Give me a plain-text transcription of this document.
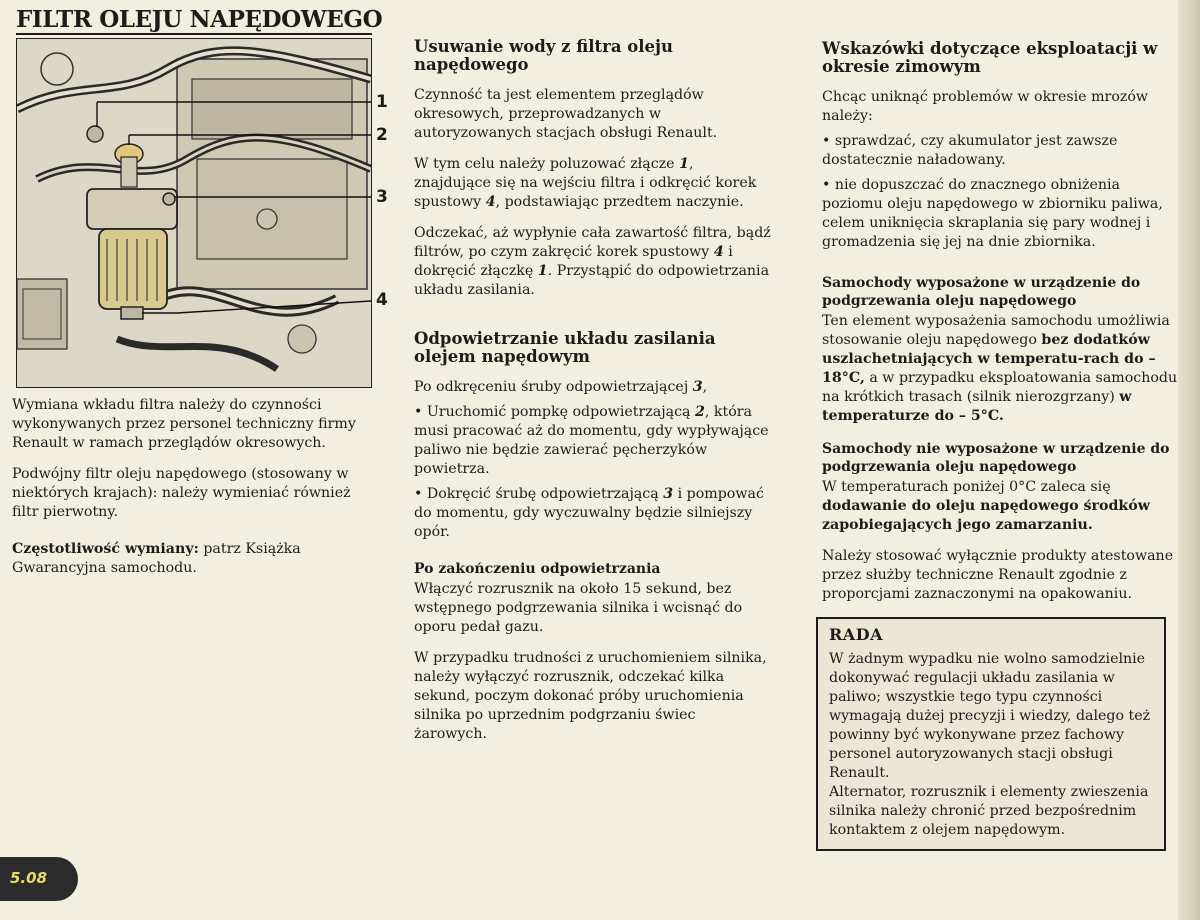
FILTR OLEJU NAPĘDOWEGO
1
2
3
4

Wymiana wkładu filtra należy do czynności wykonywanych przez personel techniczny firmy Renault w ramach przeglądów okresowych.

Podwójny filtr oleju napędowego (stosowany w niektórych krajach): należy wymieniać również filtr pierwotny.

Częstotliwość wymiany: patrz Książka Gwarancyjna samochodu.

Usuwanie wody z filtra oleju napędowego

Czynność ta jest elementem przeglądów okresowych, przeprowadzanych w autoryzowanych stacjach obsługi Renault.

W tym celu należy poluzować złącze 1, znajdujące się na wejściu filtra i odkręcić korek spustowy 4, podstawiając przedtem naczynie.

Odczekać, aż wypłynie cała zawartość filtra, bądź filtrów, po czym zakręcić korek spustowy 4 i dokręcić złączkę 1. Przystąpić do odpowietrzania układu zasilania.

Odpowietrzanie układu zasilania olejem napędowym

Po odkręceniu śruby odpowietrzającej 3,

• Uruchomić pompkę odpowietrzającą 2, która musi pracować aż do momentu, gdy wypływające paliwo nie będzie zawierać pęcherzyków powietrza.

• Dokręcić śrubę odpowietrzającą 3 i pompować do momentu, gdy wyczuwalny będzie silniejszy opór.

Po zakończeniu odpowietrzania

Włączyć rozrusznik na około 15 sekund, bez wstępnego podgrzewania silnika i wcisnąć do oporu pedał gazu.

W przypadku trudności z uruchomieniem silnika, należy wyłączyć rozrusznik, odczekać kilka sekund, poczym dokonać próby uruchomienia silnika po uprzednim podgrzaniu świec żarowych.

Wskazówki dotyczące eksploatacji w okresie zimowym

Chcąc uniknąć problemów w okresie mrozów należy:

• sprawdzać, czy akumulator jest zawsze dostatecznie naładowany.

• nie dopuszczać do znacznego obniżenia poziomu oleju napędowego w zbiorniku paliwa, celem uniknięcia skraplania się pary wodnej i gromadzenia się jej na dnie zbiornika.

Samochody wyposażone w urządzenie do podgrzewania oleju napędowego

Ten element wyposażenia samochodu umożliwia stosowanie oleju napędowego bez dodatków uszlachetniających w temperatu-rach do – 18°C, a w przypadku eksploatowania samochodu na krótkich trasach (silnik nierozgrzany) w temperaturze do – 5°C.

Samochody nie wyposażone w urządzenie do podgrzewania oleju napędowego

W temperaturach poniżej 0°C zaleca się dodawanie do oleju napędowego środków zapobiegających jego zamarzaniu.

Należy stosować wyłącznie produkty atestowane przez służby techniczne Renault zgodnie z proporcjami zaznaczonymi na opakowaniu.

RADA

W żadnym wypadku nie wolno samodzielnie dokonywać regulacji układu zasilania w paliwo; wszystkie tego typu czynności wymagają dużej precyzji i wiedzy, dalego też powinny być wykonywane przez fachowy personel autoryzowanych stacji obsługi Renault.

Alternator, rozrusznik i elementy zwieszenia silnika należy chronić przed bezpośrednim kontaktem z olejem napędowym.

5.08
